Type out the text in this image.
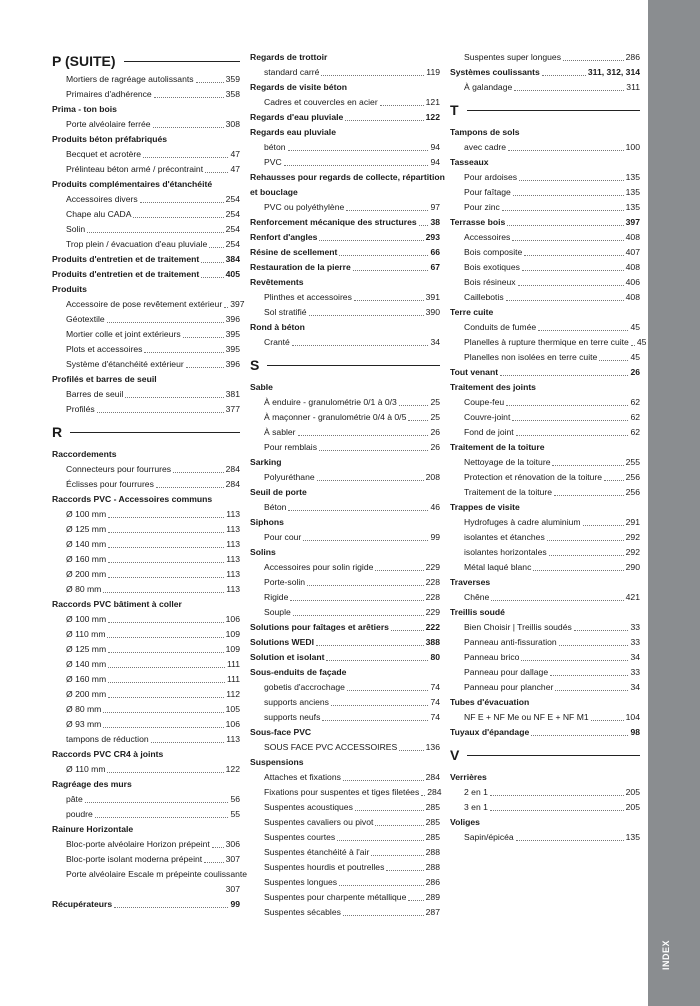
P (SUITE)
Mortiers de ragréage autolissants	359
Primaires d'adhérence	358
Prima - ton bois
Porte alvéolaire ferrée	308
Produits béton préfabriqués
Becquet et acrotère	47
Prélinteau béton armé / précontraint	47
Produits complémentaires d'étanchéité
Accessoires divers	254
Chape alu CADA	254
Solin	254
Trop plein / évacuation d'eau pluviale 254
Produits d'entretien et de traitement	384
Produits d'entretien et de traitement	405
Produits
Accessoire de pose revêtement extérieur 397
Géotextile	396
Mortier colle et joint extérieurs	395
Plots et accessoires	395
Système d'étanchéité extérieur	396
Profilés et barres de seuil
Barres de seuil	381
Profilés	377
R
Raccordements
Connecteurs pour fourrures	284
Éclisses pour fourrures	284
Raccords PVC - Accessoires communs
Ø 100 mm	113
Ø 125 mm	113
Ø 140 mm	113
Ø 160 mm	113
Ø 200 mm	113
Ø 80 mm	113
Raccords PVC bâtiment à coller
Ø 100 mm	106
Ø 110 mm	109
Ø 125 mm	109
Ø 140 mm	111
Ø 160 mm	111
Ø 200 mm	112
Ø 80 mm	105
Ø 93 mm	106
tampons de réduction	113
Raccords PVC CR4 à joints
Ø 110 mm	122
Ragréage des murs
pâte	56
poudre	55
Rainure Horizontale
Bloc-porte alvéolaire Horizon prépeint 306
Bloc-porte isolant moderna prépeint	307
Porte alvéolaire Escale m prépeinte coulissante
307
Récupérateurs	99
Regards de trottoir
standard carré	119
Regards de visite béton
Cadres et couvercles en acier	121
Regards d'eau pluviale	122
Regards eau pluviale
béton	94
PVC	94
Rehausses pour regards de collecte, répartition
et bouclage
PVC ou polyéthylène	97
Renforcement mécanique des structures 38
Renfort d'angles	293
Résine de scellement	66
Restauration de la pierre	67
Revêtements
Plinthes et accessoires	391
Sol stratifié	390
Rond à béton
Cranté	34
S
Sable
À enduire - granulométrie 0/1 à 0/3	25
À maçonner - granulométrie 0/4 à 0/5	25
À sabler	26
Pour remblais	26
Sarking
Polyuréthane	208
Seuil de porte
Béton	46
Siphons
Pour cour	99
Solins
Accessoires pour solin rigide	229
Porte-solin	228
Rigide	228
Souple	229
Solutions pour faîtages et arêtiers	222
Solutions WEDI	388
Solution et isolant	80
Sous-enduits de façade
gobetis d'accrochage	74
supports anciens	74
supports neufs	74
Sous-face PVC
SOUS FACE PVC ACCESSOIRES	136
Suspensions
Attaches et fixations	284
Fixations pour suspentes et tiges filetées 284
Suspentes acoustiques	285
Suspentes cavaliers ou pivot	285
Suspentes courtes	285
Suspentes étanchéité à l'air	288
Suspentes hourdis et poutrelles	288
Suspentes longues	286
Suspentes pour charpente métallique 289
Suspentes sécables	287
Suspentes super longues	286
Systèmes coulissants	311, 312, 314
À galandage	311
T
Tampons de sols
avec cadre	100
Tasseaux
Pour ardoises	135
Pour faîtage	135
Pour zinc	135
Terrasse bois	397
Accessoires	408
Bois composite	407
Bois exotiques	408
Bois résineux	406
Caillebotis	408
Terre cuite
Conduits de fumée	45
Planelles à rupture thermique en terre cuite 45
Planelles non isolées en terre cuite	45
Tout venant	26
Traitement des joints
Coupe-feu	62
Couvre-joint	62
Fond de joint	62
Traitement de la toiture
Nettoyage de la toiture	255
Protection et rénovation de la toiture	256
Traitement de la toiture	256
Trappes de visite
Hydrofuges à cadre aluminium	291
isolantes et étanches	292
isolantes horizontales	292
Métal laqué blanc	290
Traverses
Chêne	421
Treillis soudé
Bien Choisir | Treillis soudés	33
Panneau anti-fissuration	33
Panneau brico	34
Panneau pour dallage	33
Panneau pour plancher	34
Tubes d'évacuation
NF E + NF Me ou NF E + NF M1	104
Tuyaux d'épandage	98
V
Verrières
2 en 1	205
3 en 1	205
Voliges
Sapin/épicéa	135
INDEX
